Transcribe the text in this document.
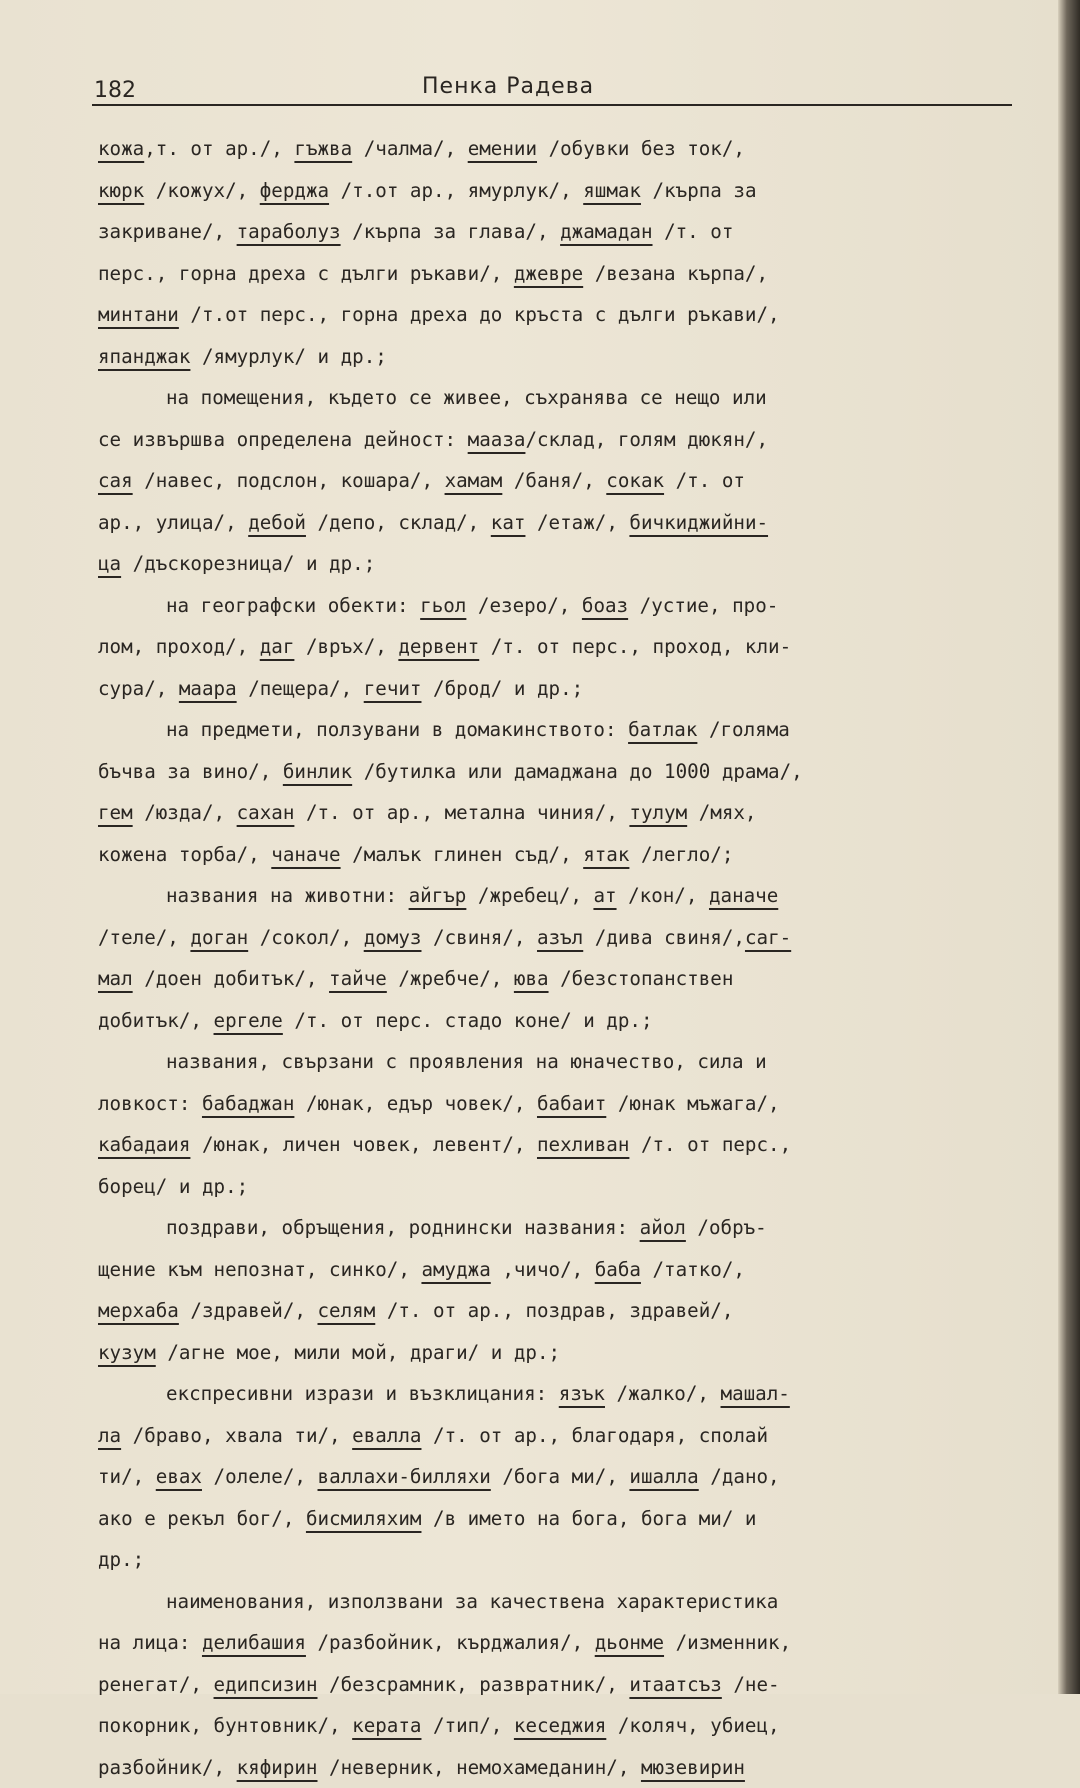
182	Пенка Радева
кожа,т. от ар./, гъжва /чалма/, емении /обувки без ток/,
кюрк /кожух/, ферджа /т.от ар., ямурлук/, яшмак /кърпа за
закриване/, тараболуз /кърпа за глава/, джамадан /т. от
перс., горна дреха с дълги ръкави/, джевре /везана кърпа/,
минтани /т.от перс., горна дреха до кръста с дълги ръкави/,
япанджак /ямурлук/ и др.;
на помещения, където се живее, съхранява се нещо или
се извършва определена дейност: мааза/склад, голям дюкян/,
сая /навес, подслон, кошара/, хамам /баня/, сокак /т. от
ар., улица/, дебой /депо, склад/, кат /етаж/, бичкиджийни-
ца /дъскорезница/ и др.;
на географски обекти: гьол /езеро/, бoаз /устие, про-
лом, проход/, даг /връх/, дервент /т. от перс., проход, кли-
сура/, маара /пещера/, гечит /брод/ и др.;
на предмети, ползувани в домакинството: батлак /голяма
бъчва за вино/, бинлик /бутилка или дамаджана до 1000 драма/,
гем /юзда/, сахан /т. от ар., метална чиния/, тулум /мях,
кожена торба/, чаначе /малък глинен съд/, ятак /легло/;
названия на животни: айгър /жребец/, ат /кон/, даначе
/теле/, доган /сокол/, домуз /свиня/, азъл /дива свиня/,саг-
мал /доен добитък/, тайче /жребче/, юва /безстопанствен
добитък/, ергеле /т. от перс. стадо коне/ и др.;
названия, свързани с проявления на юначество, сила и
ловкост: бабаджан /юнак, едър човек/, бабаит /юнак мъжага/,
кабадаия /юнак, личен човек, левент/, пехливан /т. от перс.,
борец/ и др.;
поздрави, обръщения, роднински названия: айол /обръ-
щение към непознат, синко/, амуджа ,чичо/, баба /татко/,
мерхаба /здравей/, селям /т. от ар., поздрав, здравей/,
кузум /агне мое, мили мой, драги/ и др.;
експресивни изрази и възклицания: язък /жалко/, машал-
ла /браво, хвала ти/, евалла /т. от ар., благодаря, сполай
ти/, евах /олеле/, валлахи-билляхи /бога ми/, ишалла /дано,
ако е рекъл бог/, бисмиляхим /в името на бога, бога ми/ и
др.;
наименования, използвани за качествена характеристика
на лица: делибашия /разбойник, кърджалия/, дьонме /изменник,
ренегат/, едипсизин /безсрамник, развратник/, итаатсъз /не-
покорник, бунтовник/, керата /тип/, кеседжия /коляч, убиец,
разбойник/, кяфирин /неверник, немохамеданин/, мюзевирин
